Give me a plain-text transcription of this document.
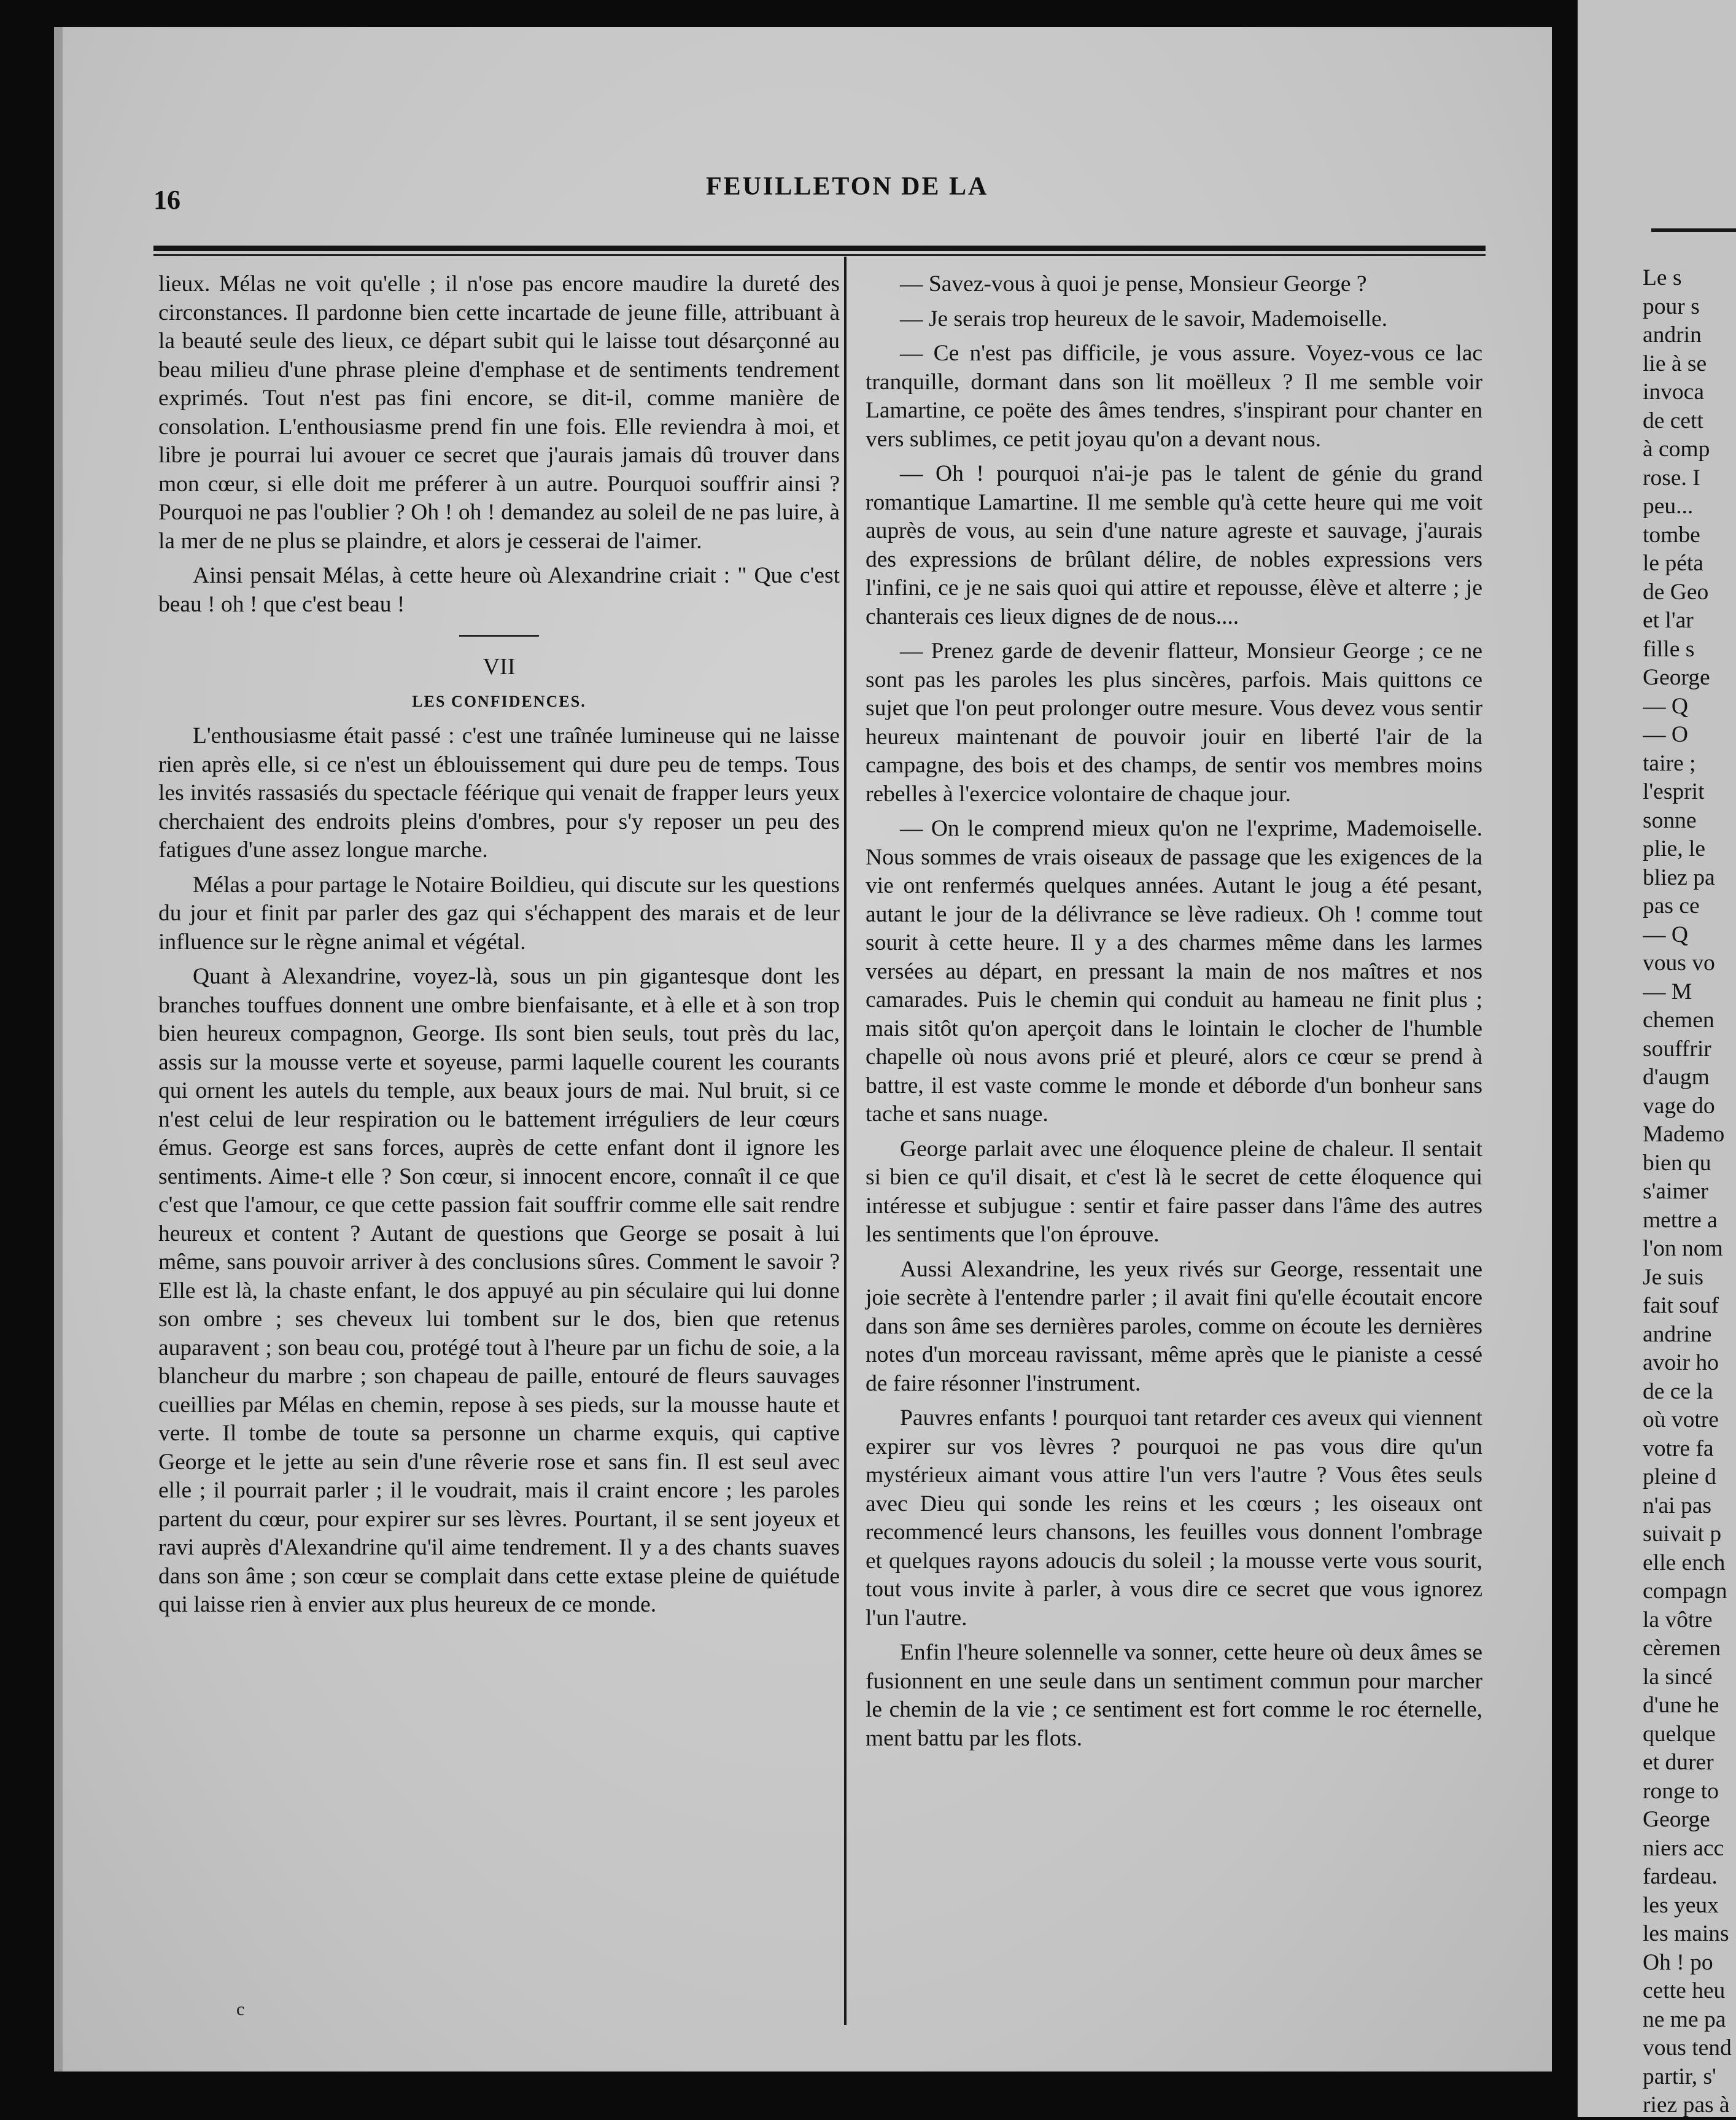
16	FEUILLETON DE LA

lieux. Mélas ne voit qu'elle ; il n'ose pas encore maudire la dureté des circonstances. Il pardonne bien cette incartade de jeune fille, attribuant à la beauté seule des lieux, ce départ subit qui le laisse tout désarçonné au beau milieu d'une phrase pleine d'emphase et de sentiments tendrement exprimés. Tout n'est pas fini encore, se dit-il, comme manière de consolation. L'enthousiasme prend fin une fois. Elle reviendra à moi, et libre je pourrai lui avouer ce secret que j'aurais jamais dû trouver dans mon cœur, si elle doit me préferer à un autre. Pourquoi souffrir ainsi ? Pourquoi ne pas l'oublier ? Oh ! oh ! demandez au soleil de ne pas luire, à la mer de ne plus se plaindre, et alors je cesserai de l'aimer.

Ainsi pensait Mélas, à cette heure où Alexandrine criait : " Que c'est beau ! oh ! que c'est beau !

VII

LES CONFIDENCES.

L'enthousiasme était passé : c'est une traînée lumineuse qui ne laisse rien après elle, si ce n'est un éblouissement qui dure peu de temps. Tous les invités rassasiés du spectacle féérique qui venait de frapper leurs yeux cherchaient des endroits pleins d'ombres, pour s'y reposer un peu des fatigues d'une assez longue marche.

Mélas a pour partage le Notaire Boildieu, qui discute sur les questions du jour et finit par parler des gaz qui s'échappent des marais et de leur influence sur le règne animal et végétal.

Quant à Alexandrine, voyez-là, sous un pin gigantesque dont les branches touffues donnent une ombre bienfaisante, et à elle et à son trop bien heureux compagnon, George. Ils sont bien seuls, tout près du lac, assis sur la mousse verte et soyeuse, parmi laquelle courent les courants qui ornent les autels du temple, aux beaux jours de mai. Nul bruit, si ce n'est celui de leur respiration ou le battement irréguliers de leur cœurs émus. George est sans forces, auprès de cette enfant dont il ignore les sentiments. Aime-t elle ? Son cœur, si innocent encore, connaît il ce que c'est que l'amour, ce que cette passion fait souffrir comme elle sait rendre heureux et content ? Autant de questions que George se posait à lui même, sans pouvoir arriver à des conclusions sûres. Comment le savoir ? Elle est là, la chaste enfant, le dos appuyé au pin séculaire qui lui donne son ombre ; ses cheveux lui tombent sur le dos, bien que retenus auparavent ; son beau cou, protégé tout à l'heure par un fichu de soie, a la blancheur du marbre ; son chapeau de paille, entouré de fleurs sauvages cueillies par Mélas en chemin, repose à ses pieds, sur la mousse haute et verte. Il tombe de toute sa personne un charme exquis, qui captive George et le jette au sein d'une rêverie rose et sans fin. Il est seul avec elle ; il pourrait parler ; il le voudrait, mais il craint encore ; les paroles partent du cœur, pour expirer sur ses lèvres. Pourtant, il se sent joyeux et ravi auprès d'Alexandrine qu'il aime tendrement. Il y a des chants suaves dans son âme ; son cœur se complait dans cette extase pleine de quiétude qui laisse rien à envier aux plus heureux de ce monde.

— Savez-vous à quoi je pense, Monsieur George ?

— Je serais trop heureux de le savoir, Mademoiselle.

— Ce n'est pas difficile, je vous assure. Voyez-vous ce lac tranquille, dormant dans son lit moëlleux ? Il me semble voir Lamartine, ce poëte des âmes tendres, s'inspirant pour chanter en vers sublimes, ce petit joyau qu'on a devant nous.

— Oh ! pourquoi n'ai-je pas le talent de génie du grand romantique Lamartine. Il me semble qu'à cette heure qui me voit auprès de vous, au sein d'une nature agreste et sauvage, j'aurais des expressions de brûlant délire, de nobles expressions vers l'infini, ce je ne sais quoi qui attire et repousse, élève et alterre ; je chanterais ces lieux dignes de de nous....

— Prenez garde de devenir flatteur, Monsieur George ; ce ne sont pas les paroles les plus sincères, parfois. Mais quittons ce sujet que l'on peut prolonger outre mesure. Vous devez vous sentir heureux maintenant de pouvoir jouir en liberté l'air de la campagne, des bois et des champs, de sentir vos membres moins rebelles à l'exercice volontaire de chaque jour.

— On le comprend mieux qu'on ne l'exprime, Mademoiselle. Nous sommes de vrais oiseaux de passage que les exigences de la vie ont renfermés quelques années. Autant le joug a été pesant, autant le jour de la délivrance se lève radieux. Oh ! comme tout sourit à cette heure. Il y a des charmes même dans les larmes versées au départ, en pressant la main de nos maîtres et nos camarades. Puis le chemin qui conduit au hameau ne finit plus ; mais sitôt qu'on aperçoit dans le lointain le clocher de l'humble chapelle où nous avons prié et pleuré, alors ce cœur se prend à battre, il est vaste comme le monde et déborde d'un bonheur sans tache et sans nuage.

George parlait avec une éloquence pleine de chaleur. Il sentait si bien ce qu'il disait, et c'est là le secret de cette éloquence qui intéresse et subjugue : sentir et faire passer dans l'âme des autres les sentiments que l'on éprouve.

Aussi Alexandrine, les yeux rivés sur George, ressentait une joie secrète à l'entendre parler ; il avait fini qu'elle écoutait encore dans son âme ses dernières paroles, comme on écoute les dernières notes d'un morceau ravissant, même après que le pianiste a cessé de faire résonner l'instrument.

Pauvres enfants ! pourquoi tant retarder ces aveux qui viennent expirer sur vos lèvres ? pourquoi ne pas vous dire qu'un mystérieux aimant vous attire l'un vers l'autre ? Vous êtes seuls avec Dieu qui sonde les reins et les cœurs ; les oiseaux ont recommencé leurs chansons, les feuilles vous donnent l'ombrage et quelques rayons adoucis du soleil ; la mousse verte vous sourit, tout vous invite à parler, à vous dire ce secret que vous ignorez l'un l'autre.

Enfin l'heure solennelle va sonner, cette heure où deux âmes se fusionnent en une seule dans un sentiment commun pour marcher le chemin de la vie ; ce sentiment est fort comme le roc éternelle, ment battu par les flots.

Le s
pour s
andrin
lie à se
invoca
de cett
à comp
rose. I
peu...
tombe
le péta
de Geo
et l'ar
fille s
George
— Q
— O
taire ;
l'esprit
sonne
plie, le
bliez pa
pas ce
— Q
vous vo
— M
chemen
souffrir
d'augm
vage do
Mademo
bien qu
s'aimer
mettre a
l'on nom
Je suis
fait souf
andrine
avoir ho
de ce la
où votre
votre fa
pleine d
n'ai pas
suivait p
elle ench
compagn
la vôtre
cèremen
la sincé
d'une he
quelque
et durer
ronge to
George
niers acc
fardeau.
les yeux
les mains
Oh ! po
cette heu
ne me pa
vous tend
partir, s'
riez pas à
c
